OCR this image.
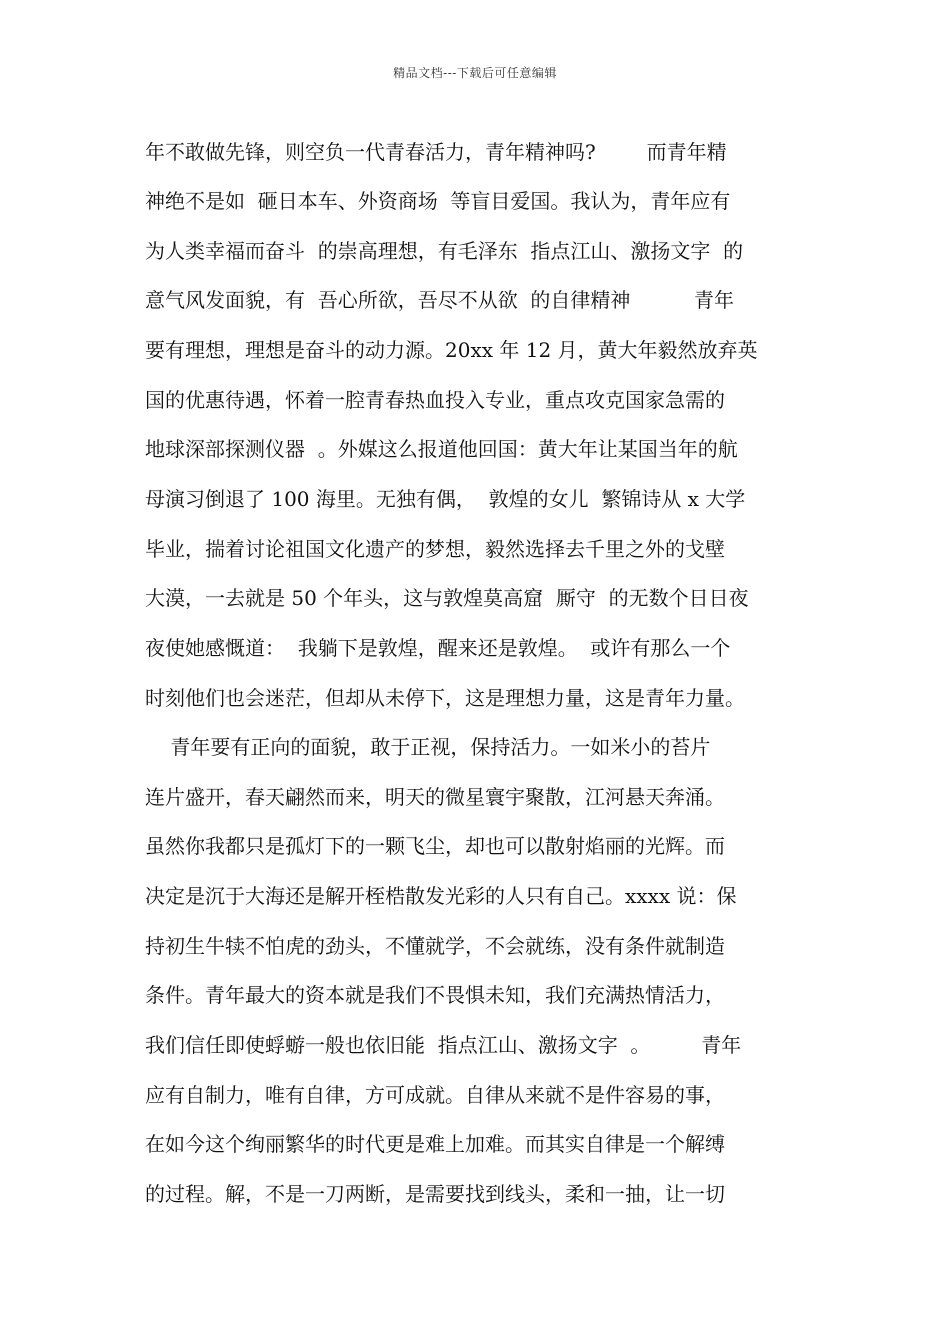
精品文档---下载后可任意编辑
年不敢做先锋，则空负一代青春活力，青年精神吗?        而青年精
神绝不是如  砸日本车、外资商场  等盲目爱国。我认为，青年应有
为人类幸福而奋斗  的崇高理想，有毛泽东  指点江山、激扬文字  的
意气风发面貌，有  吾心所欲，吾尽不从欲  的自律精神          青年
要有理想，理想是奋斗的动力源。20xx 年 12 月，黄大年毅然放弃英
国的优惠待遇，怀着一腔青春热血投入专业，重点攻克国家急需的
地球深部探测仪器  。外媒这么报道他回国：黄大年让某国当年的航
母演习倒退了 100 海里。无独有偶，  敦煌的女儿  繁锦诗从 x 大学
毕业，揣着讨论祖国文化遗产的梦想，毅然选择去千里之外的戈壁
大漠，一去就是 50 个年头，这与敦煌莫高窟  厮守  的无数个日日夜
夜使她感慨道：  我躺下是敦煌，醒来还是敦煌。  或许有那么一个
时刻他们也会迷茫，但却从未停下，这是理想力量，这是青年力量。
青年要有正向的面貌，敢于正视，保持活力。一如米小的苔片
连片盛开，春天翩然而来，明天的微星寰宇聚散，江河悬天奔涌。
虽然你我都只是孤灯下的一颗飞尘，却也可以散射焰丽的光辉。而
决定是沉于大海还是解开桎梏散发光彩的人只有自己。xxxx 说：保
持初生牛犊不怕虎的劲头，不懂就学，不会就练，没有条件就制造
条件。青年最大的资本就是我们不畏惧未知，我们充满热情活力，
我们信任即使蜉蝣一般也依旧能  指点江山、激扬文字  。        青年
应有自制力，唯有自律，方可成就。自律从来就不是件容易的事，
在如今这个绚丽繁华的时代更是难上加难。而其实自律是一个解缚
的过程。解，不是一刀两断，是需要找到线头，柔和一抽，让一切
